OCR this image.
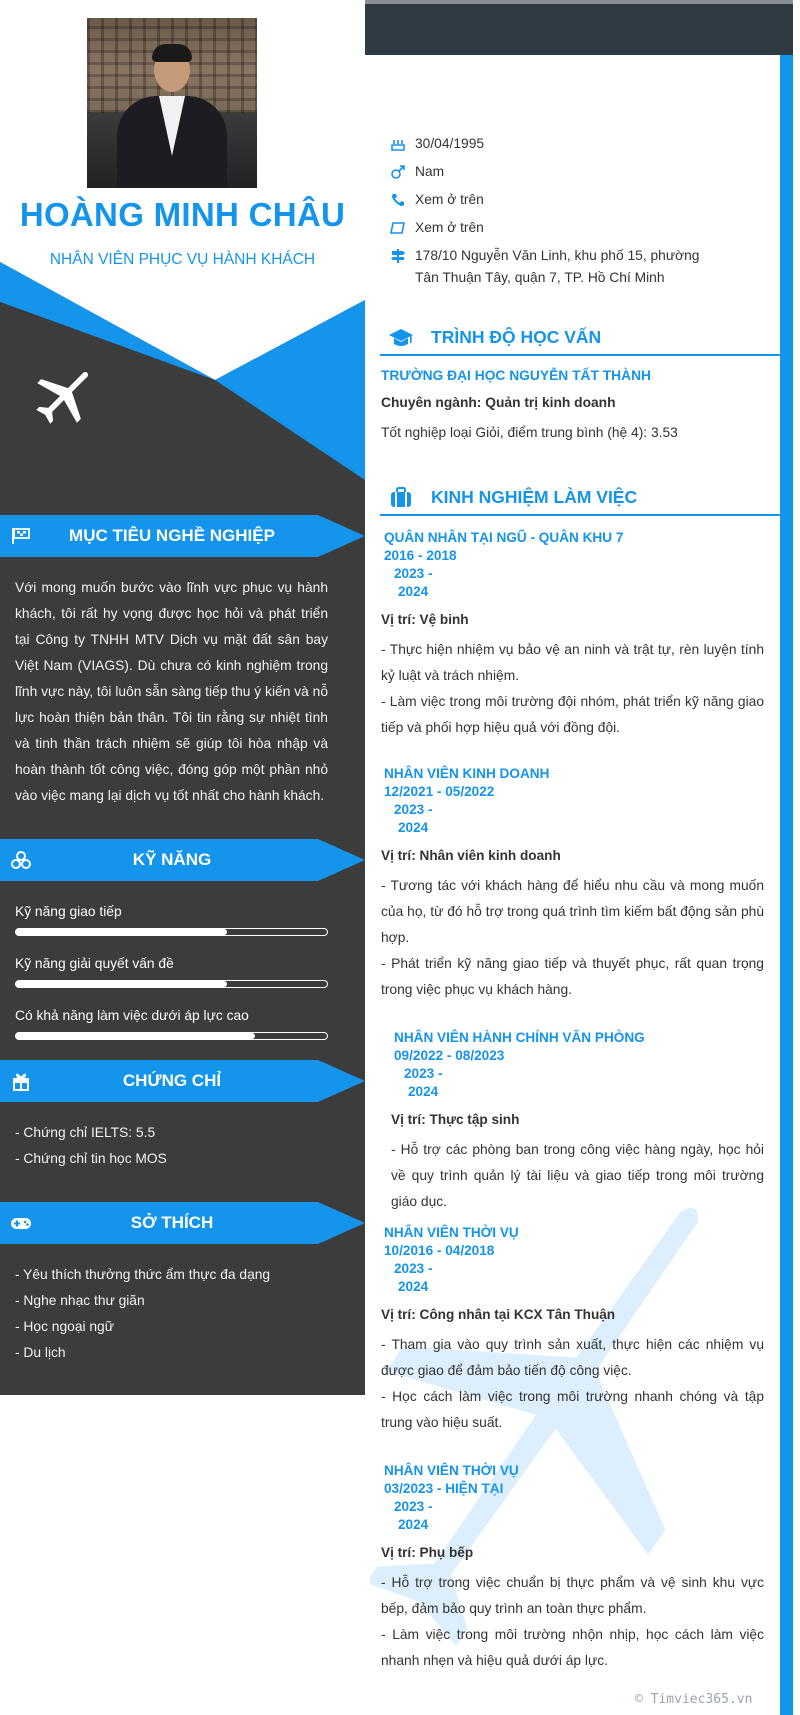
HOÀNG MINH CHÂU
NHÂN VIÊN PHỤC VỤ HÀNH KHÁCH
MỤC TIÊU NGHỀ NGHIỆP
Với mong muốn bước vào lĩnh vực phục vụ hành khách, tôi rất hy vọng được học hỏi và phát triển tại Công ty TNHH MTV Dịch vụ mặt đất sân bay Việt Nam (VIAGS). Dù chưa có kinh nghiệm trong lĩnh vực này, tôi luôn sẵn sàng tiếp thu ý kiến và nỗ lực hoàn thiện bản thân. Tôi tin rằng sự nhiệt tình và tinh thần trách nhiệm sẽ giúp tôi hòa nhập và hoàn thành tốt công việc, đóng góp một phần nhỏ vào việc mang lại dịch vụ tốt nhất cho hành khách.
KỸ NĂNG
Kỹ năng giao tiếp
Kỹ năng giải quyết vấn đề
Có khả năng làm việc dưới áp lực cao
CHỨNG CHỈ
- Chứng chỉ IELTS: 5.5
- Chứng chỉ tin học MOS
SỞ THÍCH
- Yêu thích thưởng thức ẩm thực đa dạng
- Nghe nhạc thư giãn
- Học ngoại ngữ
- Du lịch
30/04/1995
Nam
Xem ở trên
Xem ở trên
178/10 Nguyễn Văn Linh, khu phố 15, phường
Tân Thuận Tây, quận 7, TP. Hồ Chí Minh
TRÌNH ĐỘ HỌC VẤN
TRƯỜNG ĐẠI HỌC NGUYỄN TẤT THÀNH
Chuyên ngành: Quản trị kinh doanh
Tốt nghiệp loại Giỏi, điểm trung bình (hệ 4): 3.53
KINH NGHIỆM LÀM VIỆC
QUÂN NHÂN TẠI NGŨ - QUÂN KHU 7
2016 - 2018
2023 -
2024
Vị trí: Vệ binh
- Thực hiện nhiệm vụ bảo vệ an ninh và trật tự, rèn luyện tính kỷ luật và trách nhiệm.
- Làm việc trong môi trường đội nhóm, phát triển kỹ năng giao tiếp và phối hợp hiệu quả với đồng đội.
NHÂN VIÊN KINH DOANH
12/2021 - 05/2022
2023 -
2024
Vị trí: Nhân viên kinh doanh
- Tương tác với khách hàng để hiểu nhu cầu và mong muốn của họ, từ đó hỗ trợ trong quá trình tìm kiếm bất động sản phù hợp.
- Phát triển kỹ năng giao tiếp và thuyết phục, rất quan trọng trong việc phục vụ khách hàng.
NHÂN VIÊN HÀNH CHÍNH VĂN PHÒNG
09/2022 - 08/2023
2023 -
2024
Vị trí: Thực tập sinh
- Hỗ trợ các phòng ban trong công việc hàng ngày, học hỏi về quy trình quản lý tài liệu và giao tiếp trong môi trường giáo dục.
NHÂN VIÊN THỜI VỤ
10/2016 - 04/2018
2023 -
2024
Vị trí: Công nhân tại KCX Tân Thuận
- Tham gia vào quy trình sản xuất, thực hiện các nhiệm vụ được giao để đảm bảo tiến độ công việc.
- Học cách làm việc trong môi trường nhanh chóng và tập trung vào hiệu suất.
NHÂN VIÊN THỜI VỤ
03/2023 - HIỆN TẠI
2023 -
2024
Vị trí: Phụ bếp
- Hỗ trợ trong việc chuẩn bị thực phẩm và vệ sinh khu vực bếp, đảm bảo quy trình an toàn thực phẩm.
- Làm việc trong môi trường nhộn nhịp, học cách làm việc nhanh nhẹn và hiệu quả dưới áp lực.
© Timviec365.vn
